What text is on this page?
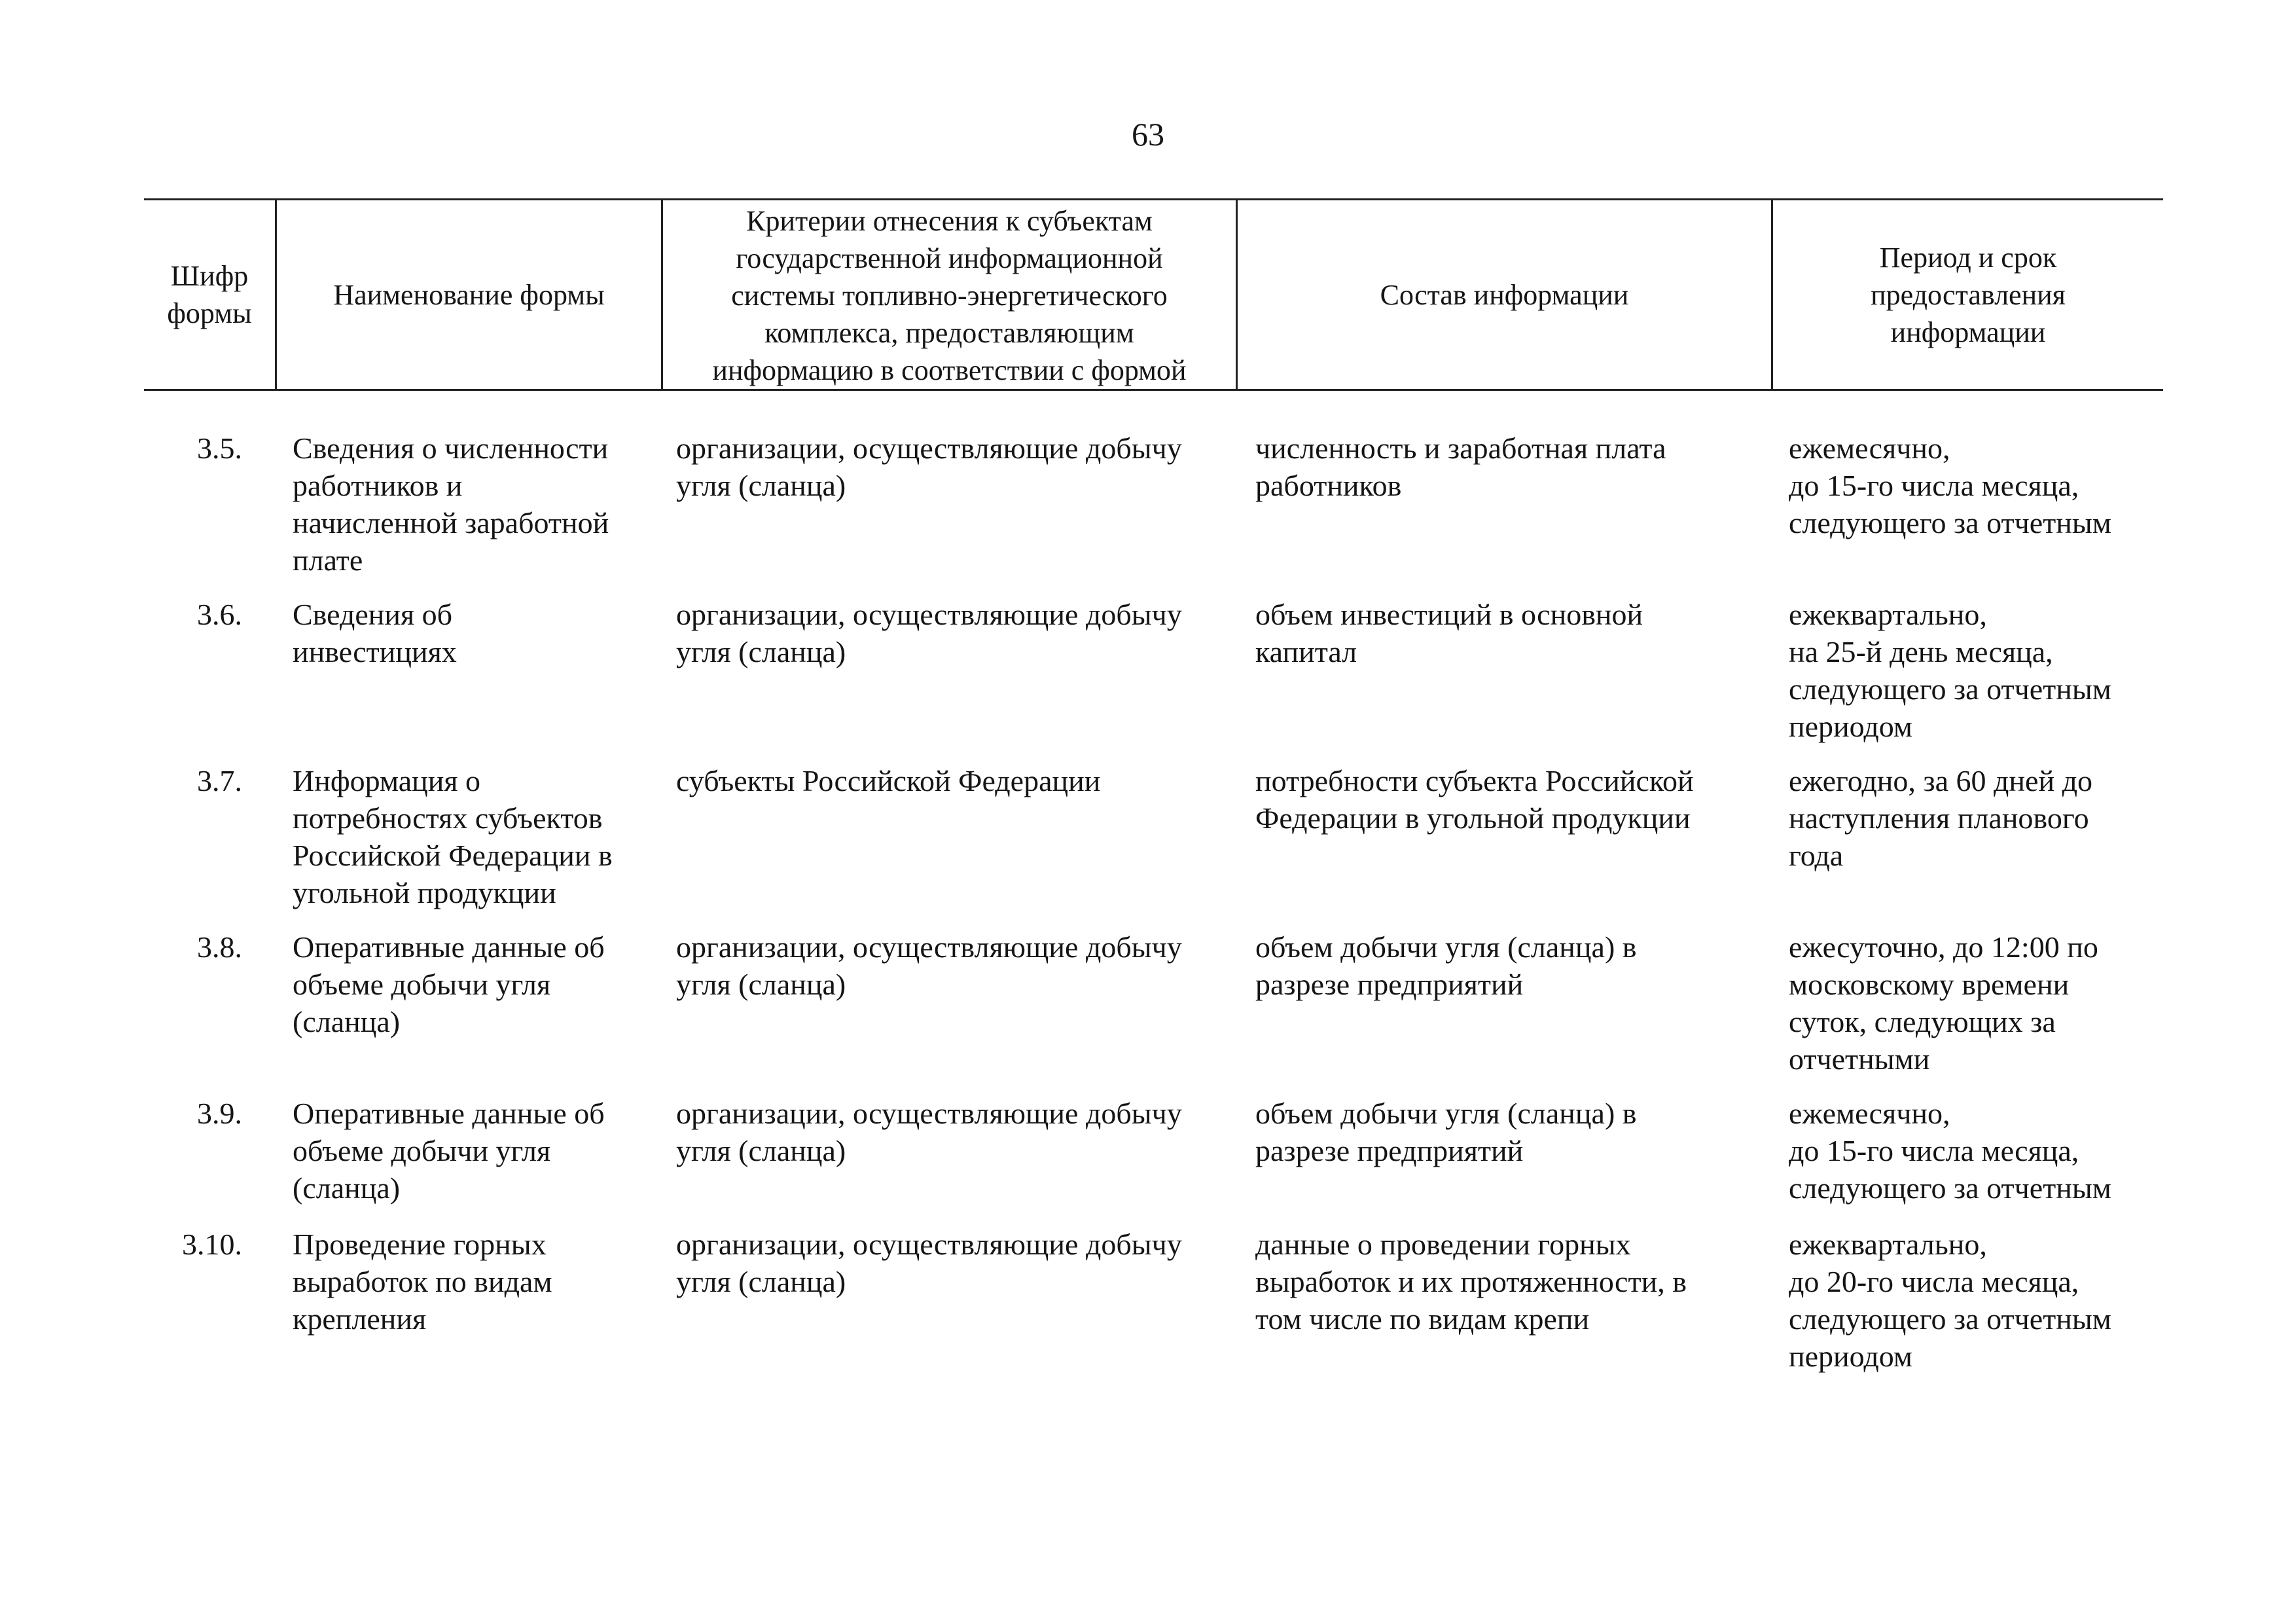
63
Шифр
формы
Наименование формы
Критерии отнесения к субъектам
государственной информационной
системы топливно-энергетического
комплекса, предоставляющим
информацию в соответствии с формой
Состав информации
Период и срок
предоставления
информации
3.5. Сведения о численности
работников и
начисленной заработной
плате
организации, осуществляющие добычу
угля (сланца)
численность и заработная плата
работников
ежемесячно,
до 15-го числа месяца,
следующего за отчетным
3.6. Сведения об
инвестициях
организации, осуществляющие добычу
угля (сланца)
объем инвестиций в основной
капитал
ежеквартально,
на 25-й день месяца,
следующего за отчетным
периодом
3.7. Информация о
потребностях субъектов
Российской Федерации в
угольной продукции
субъекты Российской Федерации	потребности субъекта Российской
Федерации в угольной продукции
ежегодно, за 60 дней до
наступления планового
года
3.8. Оперативные данные об
объеме добычи угля
(сланца)
организации, осуществляющие добычу
угля (сланца)
объем добычи угля (сланца) в
разрезе предприятий
ежесуточно, до 12:00 по
московскому времени
суток, следующих за
отчетными
3.9. Оперативные данные об
объеме добычи угля
(сланца)
организации, осуществляющие добычу
угля (сланца)
объем добычи угля (сланца) в
разрезе предприятий
ежемесячно,
до 15-го числа месяца,
следующего за отчетным
3.10. Проведение горных
выработок по видам
крепления
организации, осуществляющие добычу
угля (сланца)
данные о проведении горных
выработок и их протяженности, в
том числе по видам крепи
ежеквартально,
до 20-го числа месяца,
следующего за отчетным
периодом
